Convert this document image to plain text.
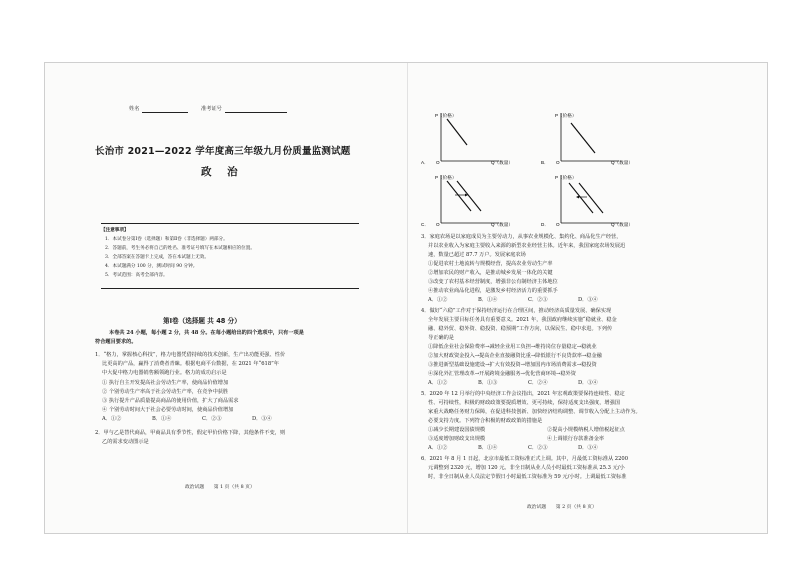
姓名	准考证号
长治市 2021—2022 学年度高三年级九月份质量监测试题
政 治
【注意事项】
1．本试卷分第Ⅰ卷（选择题）和第Ⅱ卷（非选择题）两部分。
2．答题前，考生务必将自己的姓名、准考证号填写在本试题相应的位置。
3．全部答案在答题卡上完成，答在本试题上无效。
4．本试题满分 100 分，测试时间 90 分钟。
5．考试范围：高考全部内容。
第Ⅰ卷（选择题 共 48 分）
本卷共 24 小题，每小题 2 分，共 48 分。在每小题给出的四个选项中，只有一项是
符合题目要求的。
1．“格力，掌握核心科技”，格力电器凭借持续的技术创新，生产出功能更强、性价
比更高的产品，赢得了消费者青睐。根据电商平台数据，在 2021 年“618”年
中大促中格力电器销售额领跑行业。格力的成功启示是
① 执行自主开发提高社会劳动生产率，使商品价值增加
② 个别劳动生产率高于社会劳动生产率，在竞争中获胜
③ 执行提升产品质量提高商品的使用价值，扩大了商品需求
④ 个别劳动时间大于社会必要劳动时间，使商品价值增加
A．①②	B．①④	C．②③	D．③④
2．甲与乙是替代商品，甲商品具有季节性，假定甲价价格下降，其他条件不变，则
乙的需求变动图示是
政治试题　　第 1 页（共 8 页）
P（价格）
O	Q（数量）
A．
P（价格）
O	Q（数量）
B．
P（价格）
O	Q（数量）
C．
P（价格）
O	Q（数量）
D．
3．家庭农场是以家庭成员为主要劳动力，从事农业规模化、集约化、商品化生产经营，
并以农业收入为家庭主要收入来源的新型农业经营主体。近年来，我国家庭农场发展迅
速，数量已超过 87.7 万户。发展家庭农场
①促进农村土地流转与规模经营，提高农业劳动生产率
②增加农民的财产收入，是推动城乡发展一体化的关键
③改变了农村基本经营制度，增强非公有制经济主体地位
④推动农业商品化进程，是激发乡村经济活力的重要抓手
A．①②	B．①④	C．②③	D．③④
4．做好“六稳”工作对于保持经济运行在合理区间，推动经济高质量发展、确保实现
全年发展主要目标任务具有重要意义。2021 年，我国政府继续实施“稳就业、稳金
融、稳外贸、稳外资、稳投资、稳预期”工作方向，以保民生、稳中求进。下列传
导正确的是
①降低企业社会保险费率→减轻企业用工负担→维持岗位存量稳定→稳就业
②加大财政资金投入→提高企业直接融资比重→降低银行不良贷款率→稳金融
③推进新型基础设施建设→扩大有效投资→增加国内市场消费需求→稳投资
④深化外汇管理改革→开展跨境金融服务→优化营商环境→稳外资
A．①②	B．①③	C．②④	D．③④
5．2020 年 12 月举行的中央经济工作会议指出，2021 年宏观政策要保持连续性、稳定
性、可持续性，积极的财政政策要提质增效、更可持续，保持适度支出强度，增强国
家重大战略任务财力保障，在促进科技创新、加快经济结构调整、调节收入分配上主动作为。
必要支持力度。下列符合积极的财政政策的措施是
①减少长期建设国债规模	②提高小规模纳税人增值税起征点
③适度增加财政支出规模	④上调银行存款准备金率
A．①②	B．①④	C．②③	D．③④
6．2021 年 8 月 1 日起，北京市最低工资标准正式上调。其中，月最低工资标准从 2200
元调整到 2320 元，增加 120 元。非全日制从业人员小时最低工资标准从 25.3 元/小
时，非全日制从业人员法定节假日小时最低工资标准为 59 元/小时。上调最低工资标准
政治试题　　第 2 页（共 8 页）
